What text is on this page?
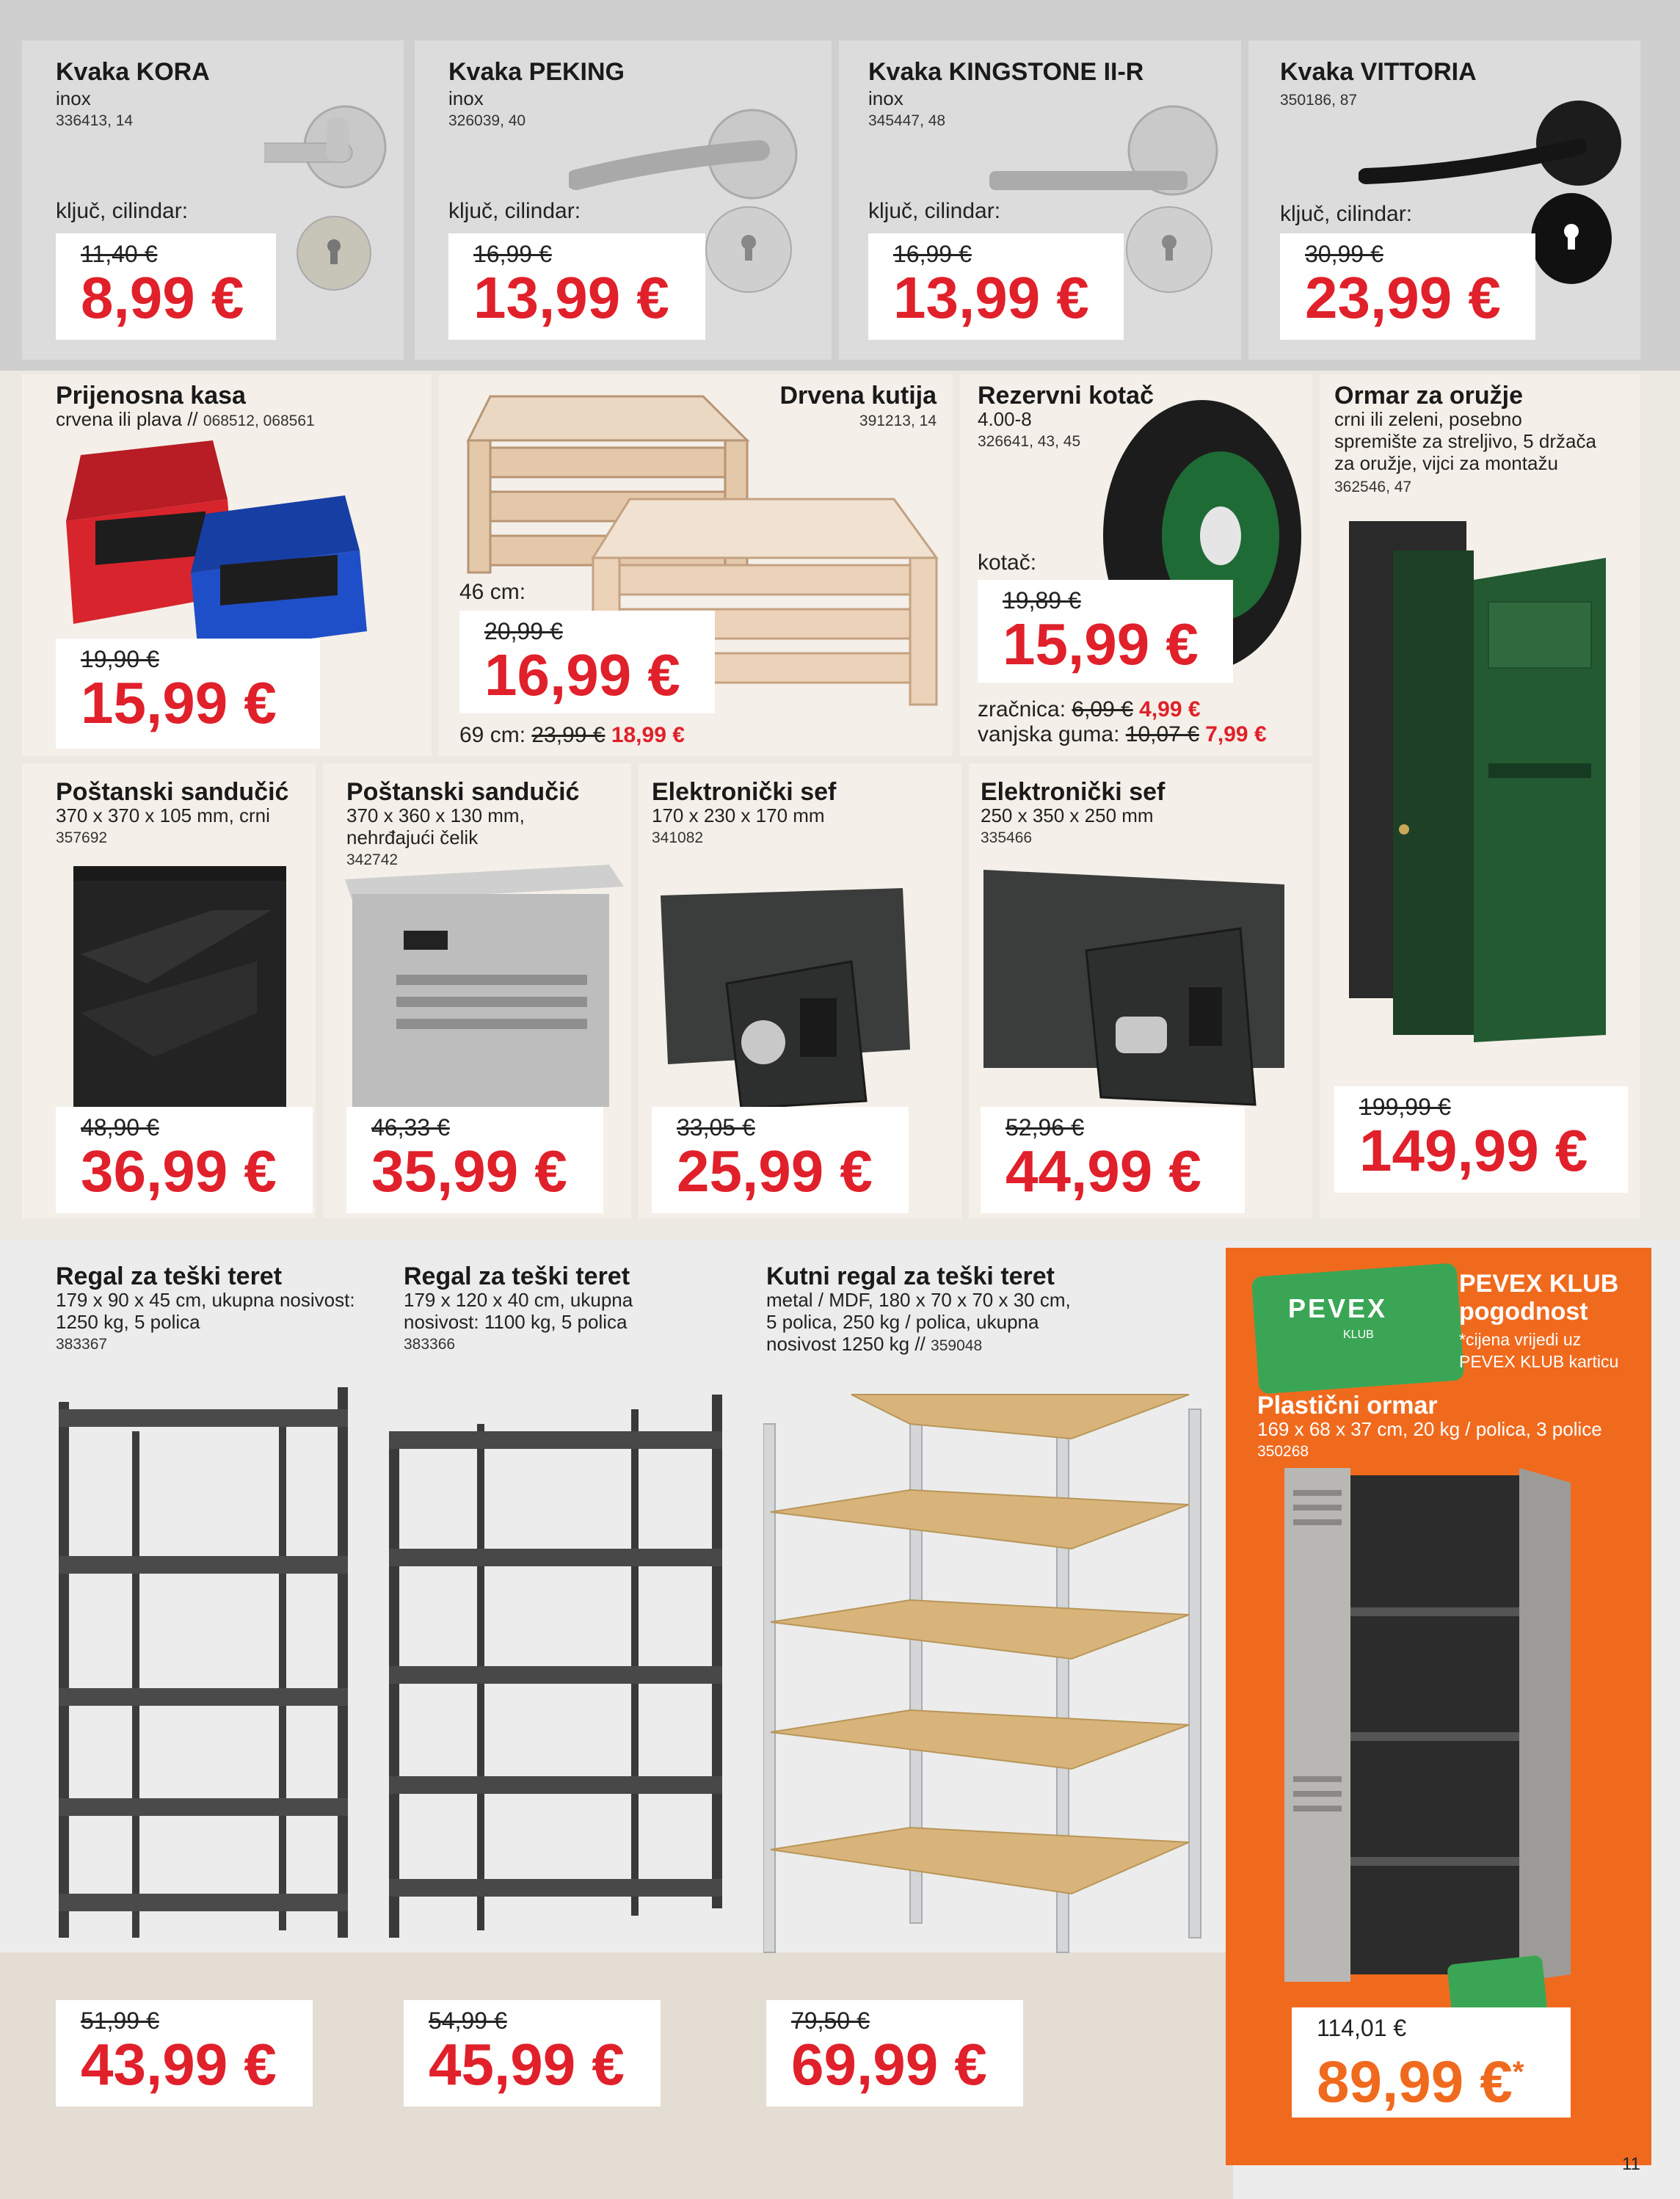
Kvaka KORA
inox
336413, 14
ključ, cilindar:
11,40 €
8,99 €
Kvaka PEKING
inox
326039, 40
ključ, cilindar:
16,99 €
13,99 €
Kvaka KINGSTONE II-R
inox
345447, 48
ključ, cilindar:
16,99 €
13,99 €
Kvaka VITTORIA
350186, 87
ključ, cilindar:
30,99 €
23,99 €
Prijenosna kasa
crvena ili plava // 068512, 068561
19,90 €
15,99 €
Drvena kutija
391213, 14
46 cm:
20,99 €
16,99 €
69 cm: 23,99 € 18,99 €
Rezervni kotač
4.00-8
326641, 43, 45
kotač:
19,89 €
15,99 €
zračnica: 6,09 € 4,99 €
vanjska guma: 10,07 € 7,99 €
Ormar za oružje
crni ili zeleni, posebno
spremište za streljivo, 5 držača
za oružje, vijci za montažu
362546, 47
199,99 €
149,99 €
Poštanski sandučić
370 x 370 x 105 mm, crni
357692
48,90 €
36,99 €
Poštanski sandučić
370 x 360 x 130 mm,
nehrđajući čelik
342742
46,33 €
35,99 €
Elektronički sef
170 x 230 x 170 mm
341082
33,05 €
25,99 €
Elektronički sef
250 x 350 x 250 mm
335466
52,96 €
44,99 €
Regal za teški teret
179 x 90 x 45 cm, ukupna nosivost:
1250 kg, 5 polica
383367
51,99 €
43,99 €
Regal za teški teret
179 x 120 x 40 cm, ukupna
nosivost: 1100 kg, 5 polica
383366
54,99 €
45,99 €
Kutni regal za teški teret
metal / MDF, 180 x 70 x 70 x 30 cm,
5 polica, 250 kg / polica, ukupna
nosivost 1250 kg // 359048
79,50 €
69,99 €
PEVEX
KLUB
PEVEX KLUB
pogodnost
*cijena vrijedi uz
PEVEX KLUB karticu
Plastični ormar
169 x 68 x 37 cm, 20 kg / polica, 3 police
350268
114,01 €
89,99 €*
11
